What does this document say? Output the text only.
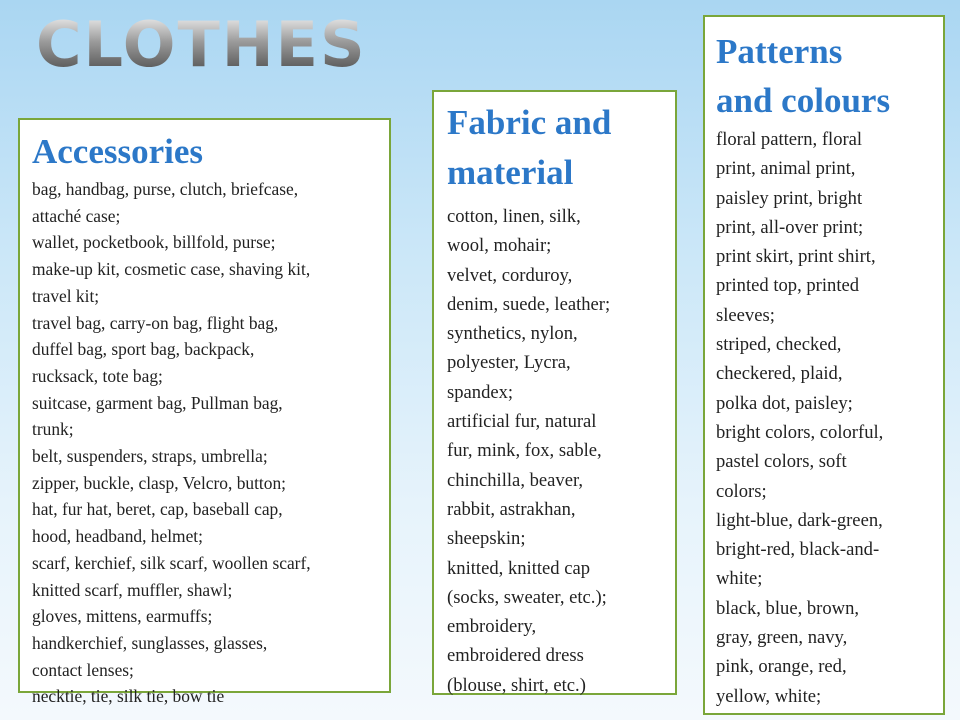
CLOTHES
Accessories
bag, handbag, purse, clutch, briefcase,
attaché case;
wallet, pocketbook, billfold, purse;
make-up kit, cosmetic case, shaving kit,
travel kit;
travel bag, carry-on bag, flight bag,
duffel bag, sport bag, backpack,
rucksack, tote bag;
suitcase, garment bag, Pullman bag,
trunk;
belt, suspenders, straps, umbrella;
zipper, buckle, clasp, Velcro, button;
hat, fur hat, beret, cap, baseball cap,
hood, headband, helmet;
scarf, kerchief, silk scarf, woollen scarf,
knitted scarf, muffler, shawl;
gloves, mittens, earmuffs;
handkerchief, sunglasses, glasses,
contact lenses;
necktie, tie, silk tie, bow tie
Fabric and
material
cotton, linen, silk,
wool, mohair;
velvet, corduroy,
denim, suede, leather;
synthetics, nylon,
polyester, Lycra,
spandex;
artificial fur, natural
fur, mink, fox, sable,
chinchilla, beaver,
rabbit, astrakhan,
sheepskin;
knitted, knitted cap
(socks, sweater, etc.);
embroidery,
embroidered dress
(blouse, shirt, etc.)
Patterns
and colours
floral pattern, floral
print, animal print,
paisley print, bright
print, all-over print;
print skirt, print shirt,
printed top, printed
sleeves;
striped, checked,
checkered, plaid,
polka dot, paisley;
bright colors, colorful,
pastel colors, soft
colors;
light-blue, dark-green,
bright-red, black-and-
white;
black, blue, brown,
gray, green, navy,
pink, orange, red,
yellow, white;
